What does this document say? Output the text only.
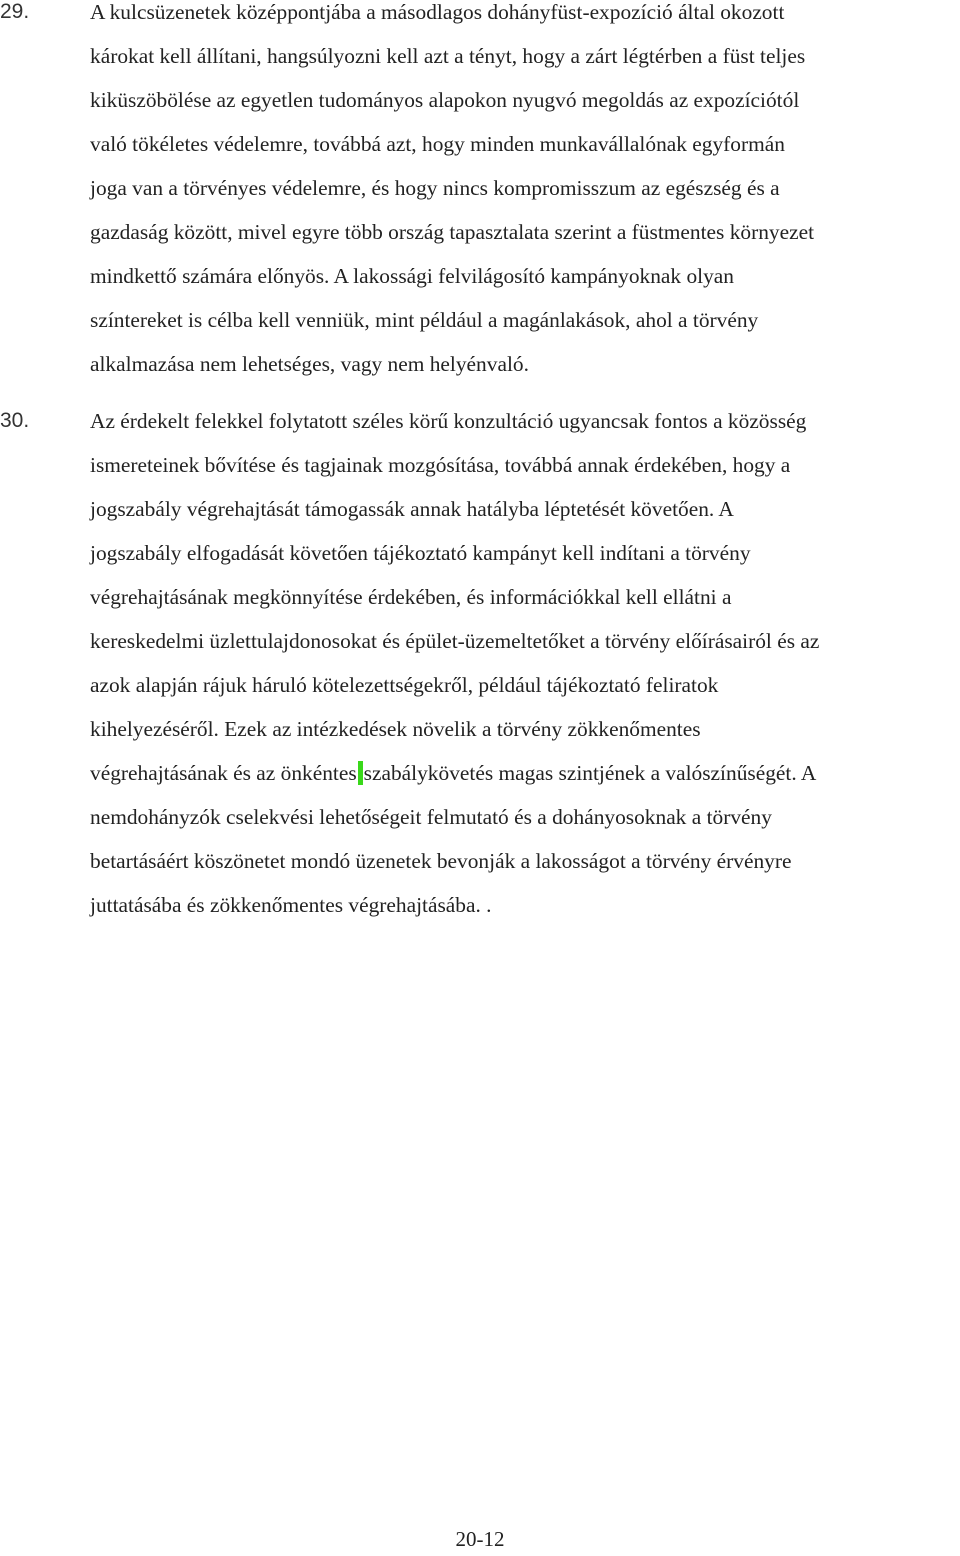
29.	A kulcsüzenetek középpontjába a másodlagos dohányfüst-expozíció által okozott
károkat kell állítani, hangsúlyozni kell azt a tényt, hogy a zárt légtérben a füst teljes
kiküszöbölése az egyetlen tudományos alapokon nyugvó megoldás az expozíciótól
való tökéletes védelemre, továbbá azt, hogy minden munkavállalónak egyformán
joga van a törvényes védelemre, és hogy nincs kompromisszum az egészség és a
gazdaság között, mivel egyre több ország tapasztalata szerint a füstmentes környezet
mindkettő számára előnyös. A lakossági felvilágosító kampányoknak olyan
színtereket is célba kell venniük, mint például a magánlakások, ahol a törvény
alkalmazása nem lehetséges, vagy nem helyénvaló.
30.	Az érdekelt felekkel folytatott széles körű konzultáció ugyancsak fontos a közösség
ismereteinek bővítése és tagjainak mozgósítása, továbbá annak érdekében, hogy a
jogszabály végrehajtását támogassák annak hatályba léptetését követően. A
jogszabály elfogadását követően tájékoztató kampányt kell indítani a törvény
végrehajtásának megkönnyítése érdekében, és információkkal kell ellátni a
kereskedelmi üzlettulajdonosokat és épület-üzemeltetőket a törvény előírásairól és az
azok alapján rájuk háruló kötelezettségekről, például tájékoztató feliratok
kihelyezéséről. Ezek az intézkedések növelik a törvény zökkenőmentes
végrehajtásának és az önkéntes szabálykövetés magas szintjének a valószínűségét. A
nemdohányzók cselekvési lehetőségeit felmutató és a dohányosoknak a törvény
betartásáért köszönetet mondó üzenetek bevonják a lakosságot a törvény érvényre
juttatásába és zökkenőmentes végrehajtásába. .
20-12
